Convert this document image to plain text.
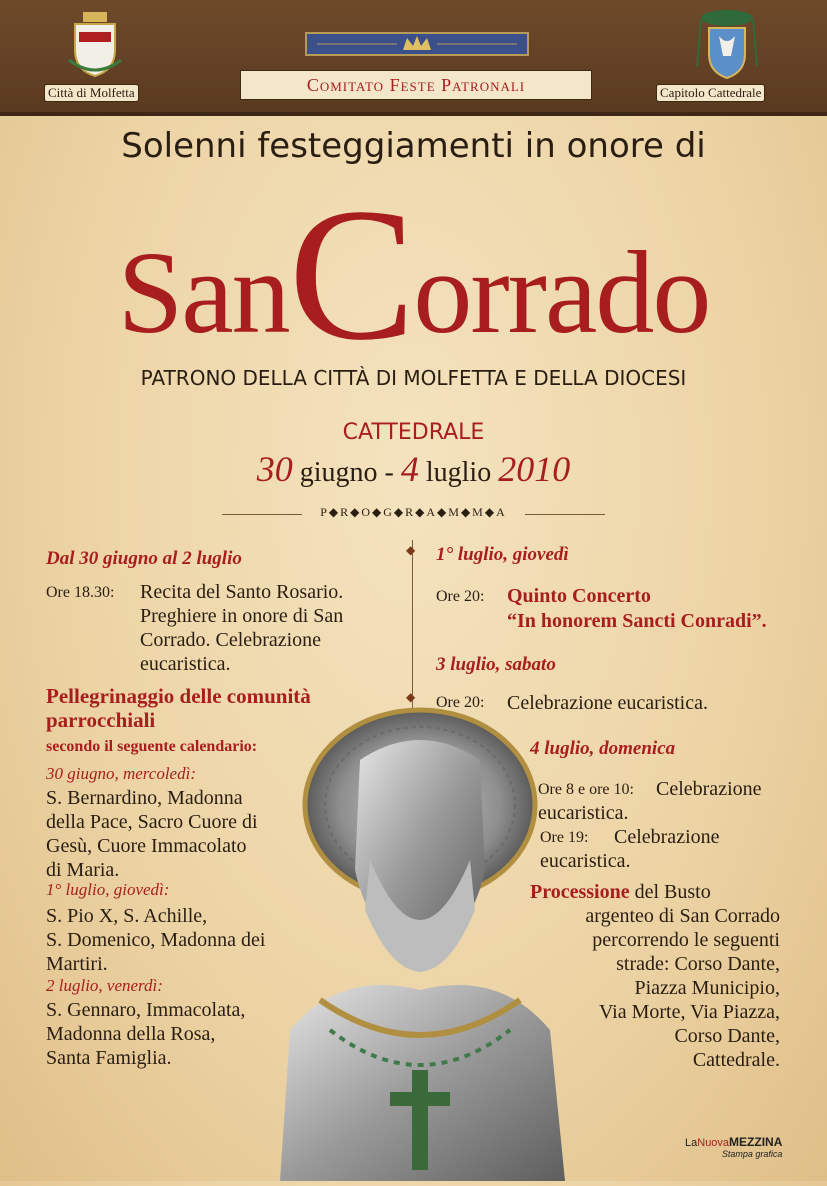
Città di Molfetta	Capitolo Cattedrale
Comitato Feste Patronali
Solenni festeggiamenti in onore di
SanCorrado
PATRONO DELLA CITTÀ DI MOLFETTA E DELLA DIOCESI
CATTEDRALE
30 giugno - 4 luglio 2010
P◆R◆O◆G◆R◆A◆M◆M◆A
◆
◆
Dal 30 giugno al 2 luglio
Ore 18.30: Recita del Santo Rosario.
Preghiere in onore di San
Corrado. Celebrazione
eucaristica.
Pellegrinaggio delle comunità
parrocchiali
secondo il seguente calendario:
30 giugno, mercoledì:
S. Bernardino, Madonna
della Pace, Sacro Cuore di
Gesù, Cuore Immacolato
di Maria.
1° luglio, giovedì:
S. Pio X, S. Achille,
S. Domenico, Madonna dei
Martiri.
2 luglio, venerdì:
S. Gennaro, Immacolata,
Madonna della Rosa,
Santa Famiglia.
1° luglio, giovedì
Ore 20: Quinto Concerto
“In honorem Sancti Conradi”.
3 luglio, sabato
Ore 20: Celebrazione eucaristica.
4 luglio, domenica
Ore 8 e ore 10: Celebrazione
eucaristica.
Ore 19: Celebrazione
eucaristica.
Processione del Busto
argenteo di San Corrado
percorrendo le seguenti
strade: Corso Dante,
Piazza Municipio,
Via Morte, Via Piazza,
Corso Dante,
Cattedrale.
LaNuovaMEZZINA
Stampa grafica
